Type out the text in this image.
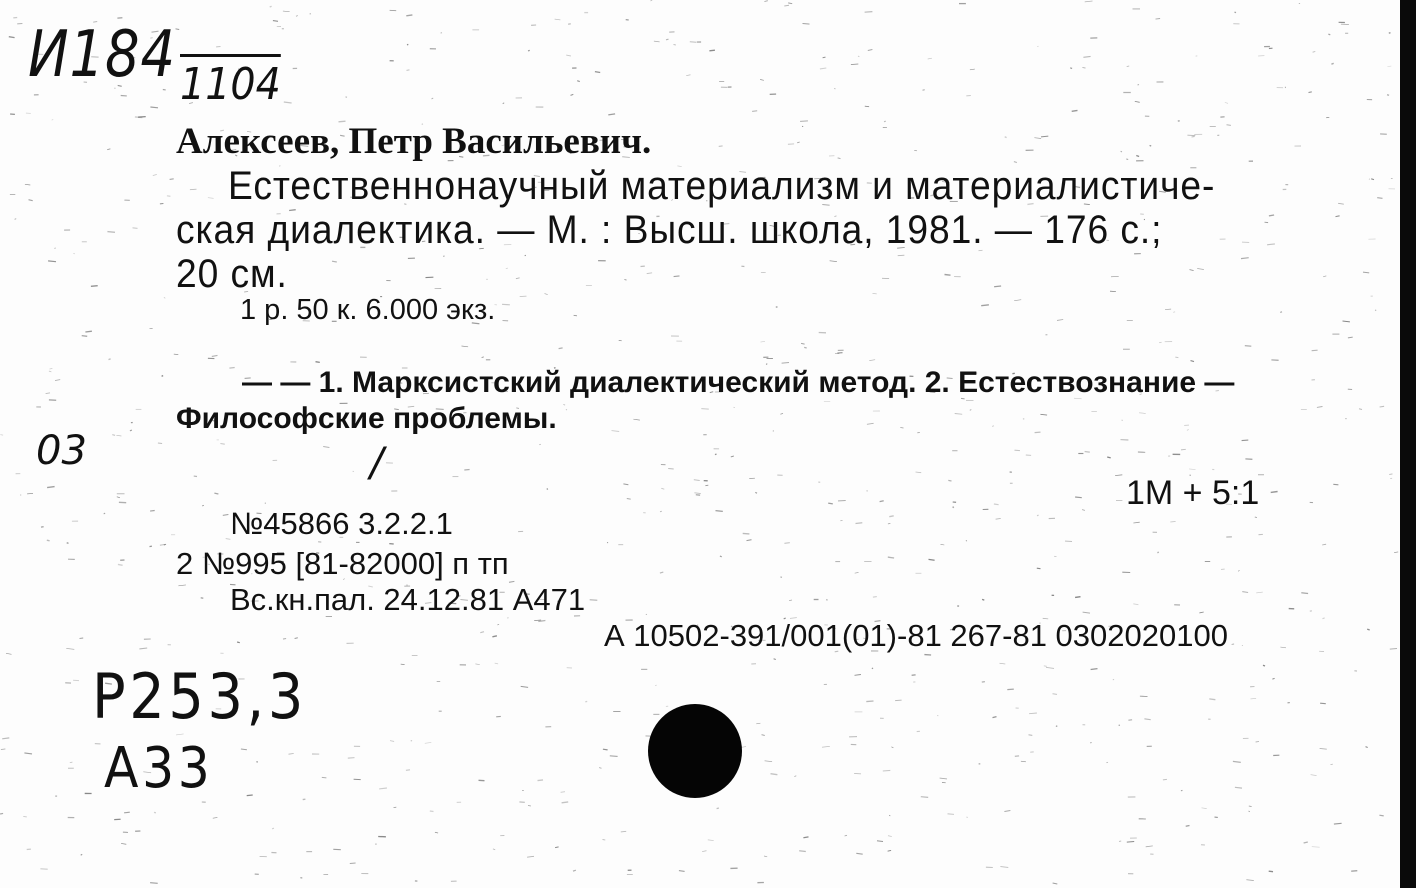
И184 1104
Алексеев, Петр Васильевич.
Естественнонаучный материализм и материалистиче-
ская диалектика. — М. : Высш. школа, 1981. — 176 с.;
20 см.
1 р. 50 к. 6.000 экз.
— — 1. Марксистский диалектический метод. 2. Естествознание —
Философские проблемы.
03	/
1М + 5:1
№45866 3.2.2.1
2 №995 [81-82000] п тп
Вс.кн.пал. 24.12.81 А471
А 10502-391/001(01)-81 267-81 0302020100
P253,3
A33
